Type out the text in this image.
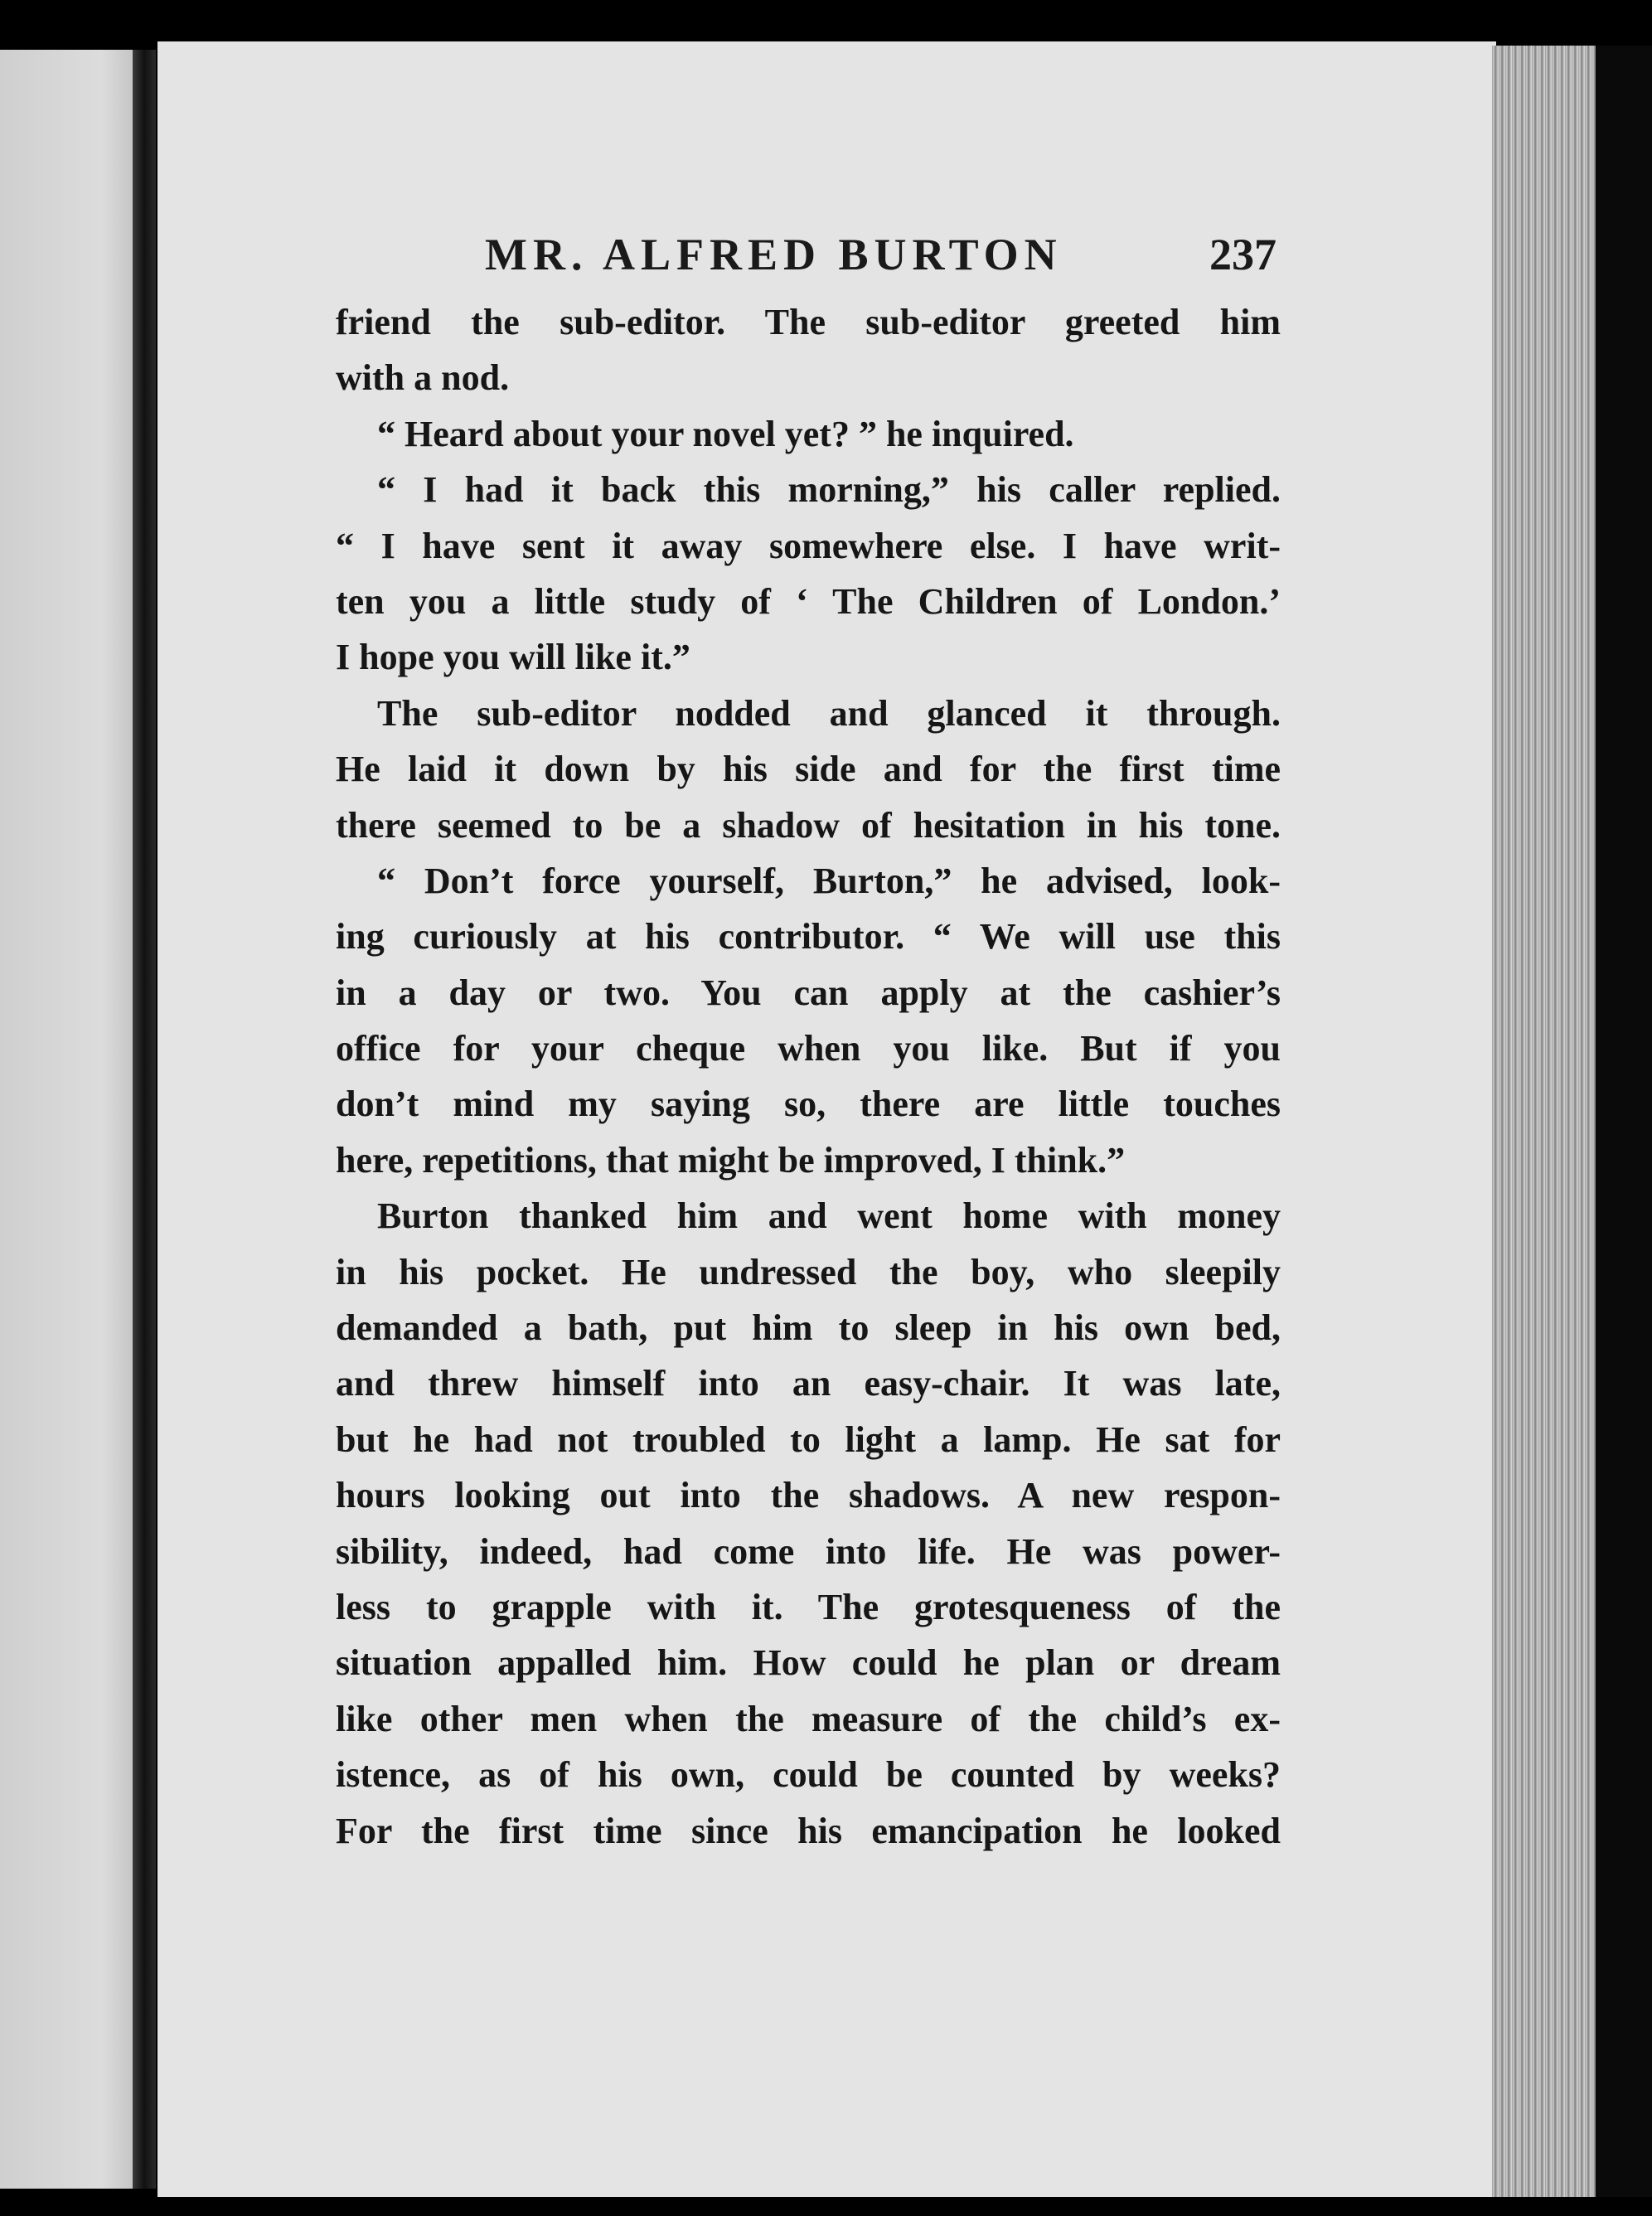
MR. ALFRED BURTON	237
friend the sub-editor. The sub-editor greeted him
with a nod.
“ Heard about your novel yet? ” he inquired.
“ I had it back this morning,” his caller replied.
“ I have sent it away somewhere else. I have writ-
ten you a little study of ‘ The Children of London.’
I hope you will like it.”
The sub-editor nodded and glanced it through.
He laid it down by his side and for the first time
there seemed to be a shadow of hesitation in his tone.
“ Don’t force yourself, Burton,” he advised, look-
ing curiously at his contributor. “ We will use this
in a day or two. You can apply at the cashier’s
office for your cheque when you like. But if you
don’t mind my saying so, there are little touches
here, repetitions, that might be improved, I think.”
Burton thanked him and went home with money
in his pocket. He undressed the boy, who sleepily
demanded a bath, put him to sleep in his own bed,
and threw himself into an easy-chair. It was late,
but he had not troubled to light a lamp. He sat for
hours looking out into the shadows. A new respon-
sibility, indeed, had come into life. He was power-
less to grapple with it. The grotesqueness of the
situation appalled him. How could he plan or dream
like other men when the measure of the child’s ex-
istence, as of his own, could be counted by weeks?
For the first time since his emancipation he looked
